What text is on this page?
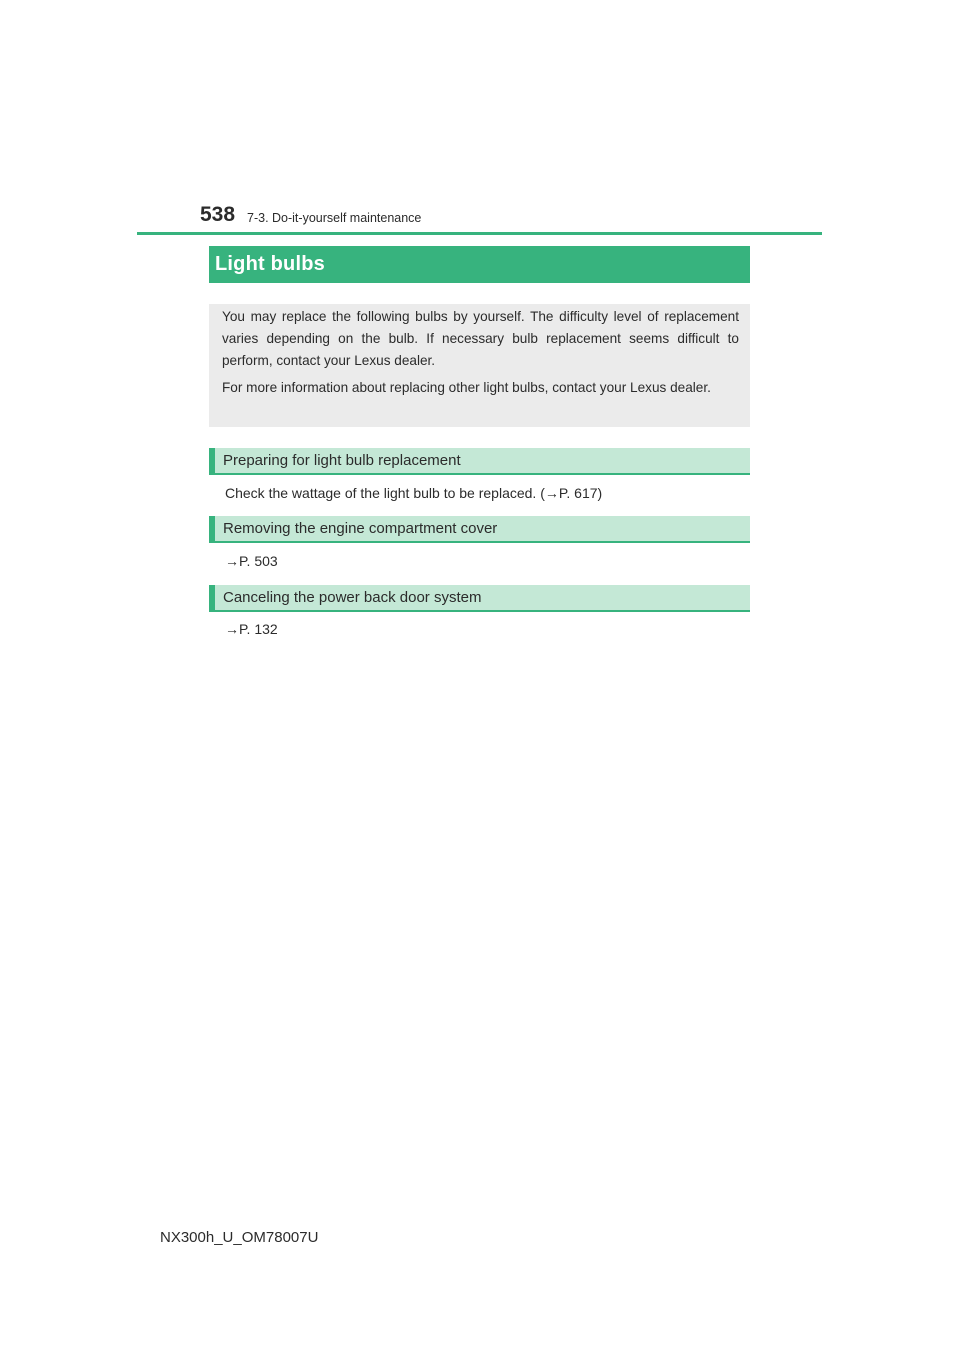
538 7-3. Do-it-yourself maintenance
Light bulbs

You may replace the following bulbs by yourself. The difficulty level of replacement varies depending on the bulb. If necessary bulb replacement seems difficult to perform, contact your Lexus dealer.

For more information about replacing other light bulbs, contact your Lexus dealer.

Preparing for light bulb replacement
Check the wattage of the light bulb to be replaced. (→P. 617)
Removing the engine compartment cover
→P. 503
Canceling the power back door system
→P. 132
NX300h_U_OM78007U
